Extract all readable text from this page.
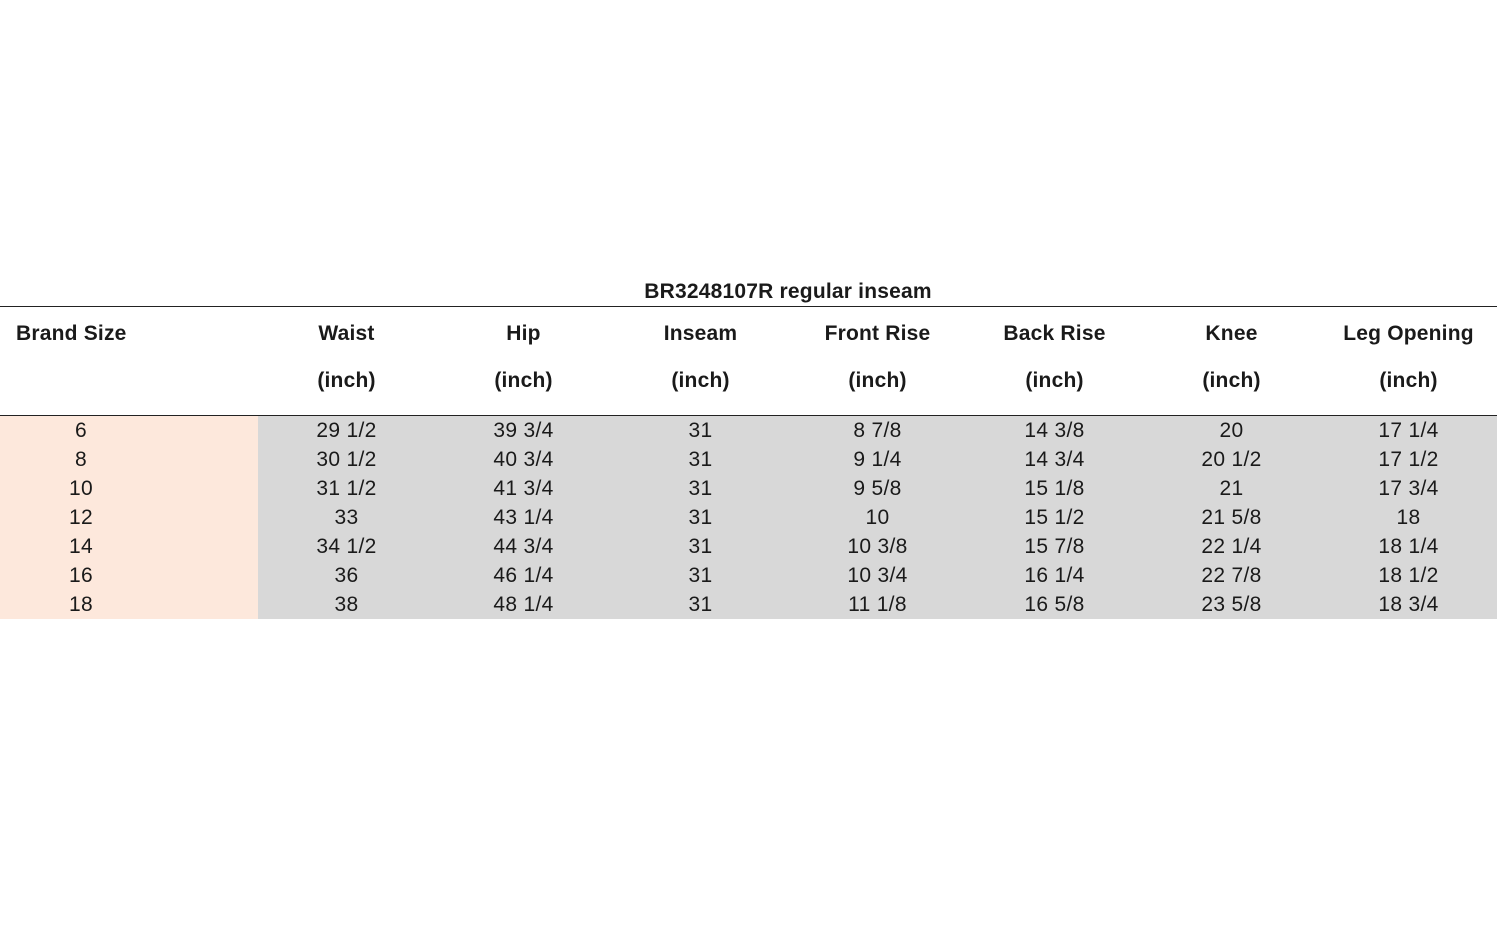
BR3248107R regular inseam
Brand Size	Waist	Hip	Inseam	Front Rise	Back Rise	Knee	Leg Opening
	(inch)	(inch)	(inch)	(inch)	(inch)	(inch)	(inch)
6	29 1/2	39 3/4	31	8 7/8	14 3/8	20	17 1/4
8	30 1/2	40 3/4	31	9 1/4	14 3/4	20 1/2	17 1/2
10	31 1/2	41 3/4	31	9 5/8	15 1/8	21	17 3/4
12	33	43 1/4	31	10	15 1/2	21 5/8	18
14	34 1/2	44 3/4	31	10 3/8	15 7/8	22 1/4	18 1/4
16	36	46 1/4	31	10 3/4	16 1/4	22 7/8	18 1/2
18	38	48 1/4	31	11 1/8	16 5/8	23 5/8	18 3/4
